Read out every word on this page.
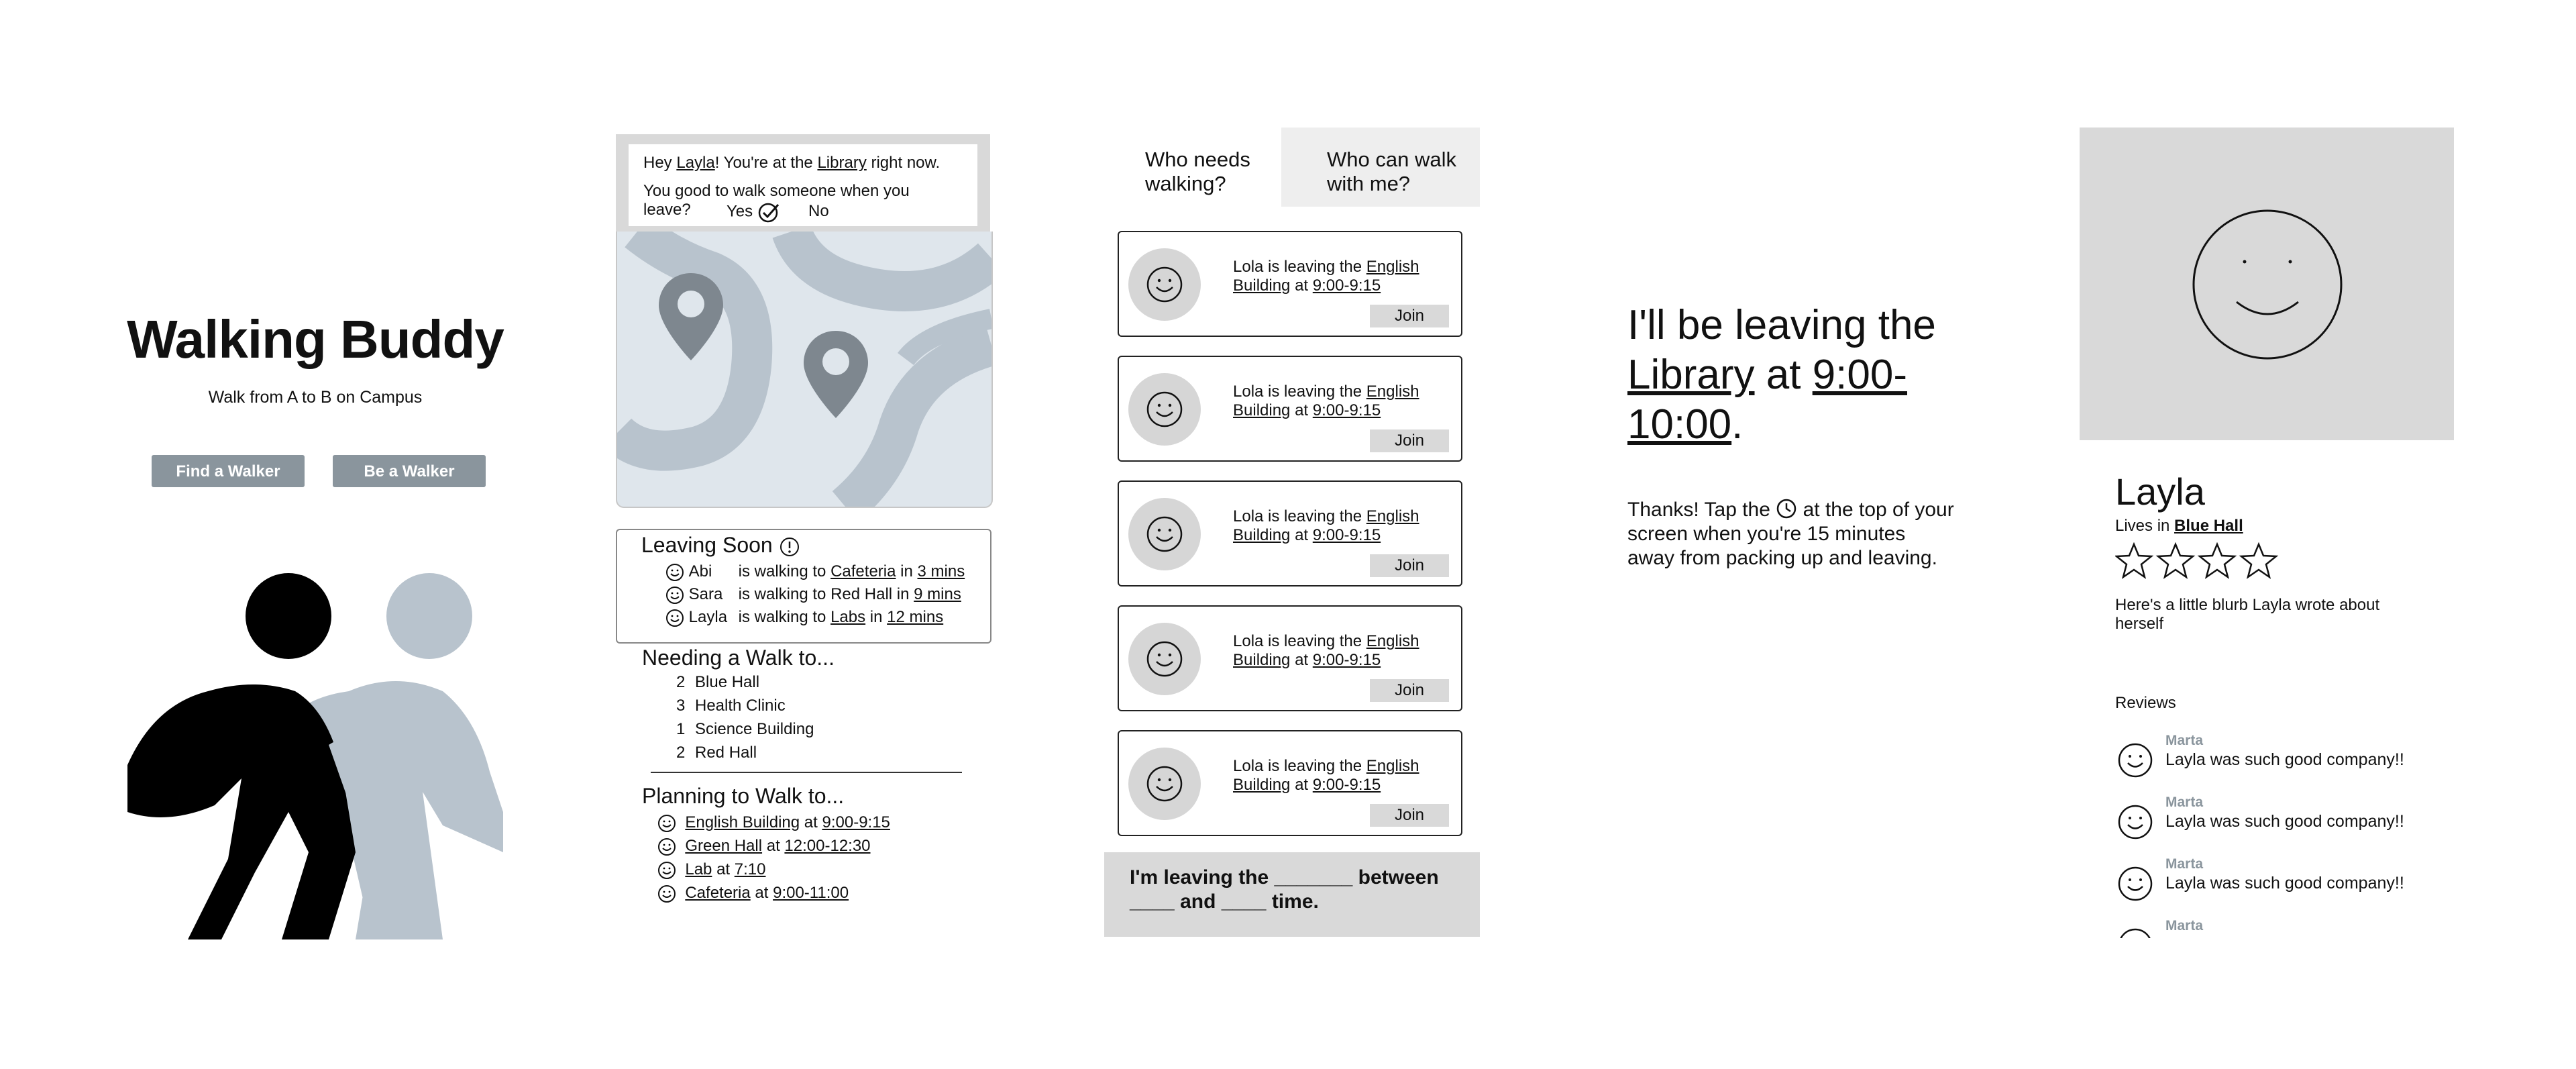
Walking Buddy
Walk from A to B on Campus
Find a Walker	Be a Walker
Hey Layla! You're at the Library right now.
You good to walk someone when you leave?	Yes	No
Leaving Soon
Abi is walking to Cafeteria in 3 mins
Sara is walking to Red Hall in 9 mins
Layla is walking to Labs in 12 mins
Needing a Walk to...
2 Blue Hall
3 Health Clinic
1 Science Building
2 Red Hall
Planning to Walk to...
English Building at 9:00-9:15
Green Hall at 12:00-12:30
Lab at 7:10
Cafeteria at 9:00-11:00
Who needs walking?
Who can walk with me?
Lola is leaving the English Building at 9:00-9:15
Join
Lola is leaving the English Building at 9:00-9:15
Join
Lola is leaving the English Building at 9:00-9:15
Join
Lola is leaving the English Building at 9:00-9:15
Join
Lola is leaving the English Building at 9:00-9:15
Join
I'm leaving the _______ between ____ and ____ time.
I'll be leaving the Library at 9:00-10:00.
Thanks! Tap the  at the top of your screen when you're 15 minutes away from packing up and leaving.
Layla
Lives in Blue Hall
Here's a little blurb Layla wrote about herself
Reviews
Marta
Layla was such good company!!
Marta
Layla was such good company!!
Marta
Layla was such good company!!
Marta
